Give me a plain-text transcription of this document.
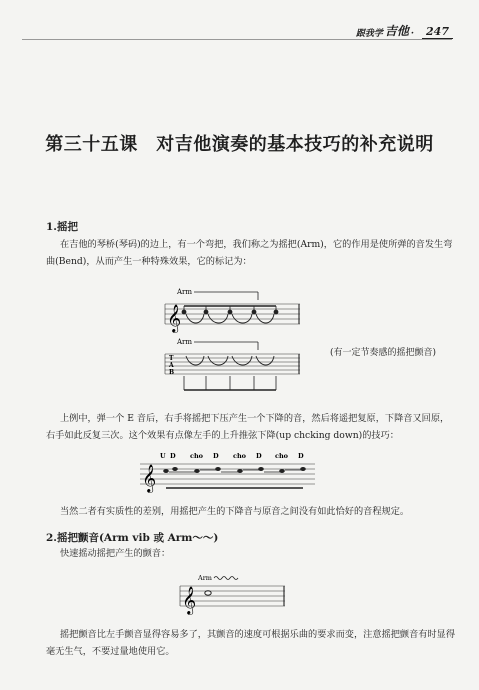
跟我学 吉他 ·	247
第三十五课　对吉他演奏的基本技巧的补充说明
1.摇把
在吉他的琴桥(琴码)的边上，有一个弯把，我们称之为摇把(Arm)，它的作用是使所弹的音发生弯曲(Bend)，从而产生一种特殊效果，它的标记为：
Arm
𝄞
Arm
T
A
B
(有一定节奏感的摇把颤音)
上例中，弹一个 E 音后，右手将摇把下压产生一个下降的音，然后将遥把复原，下降音又回原，右手如此反复三次。这个效果有点像左手的上升推弦下降(up chcking down)的技巧：
U D cho D cho D cho D
𝄞
当然二者有实质性的差别，用摇把产生的下降音与原音之间没有如此恰好的音程规定。
2.摇把颤音(Arm vib 或 Arm～～)
快速摇动摇把产生的颤音：
Arm
𝄞
摇把颤音比左手颤音显得容易多了，其颤音的速度可根据乐曲的要求而变，注意摇把颤音有时显得毫无生气，不要过量地使用它。
